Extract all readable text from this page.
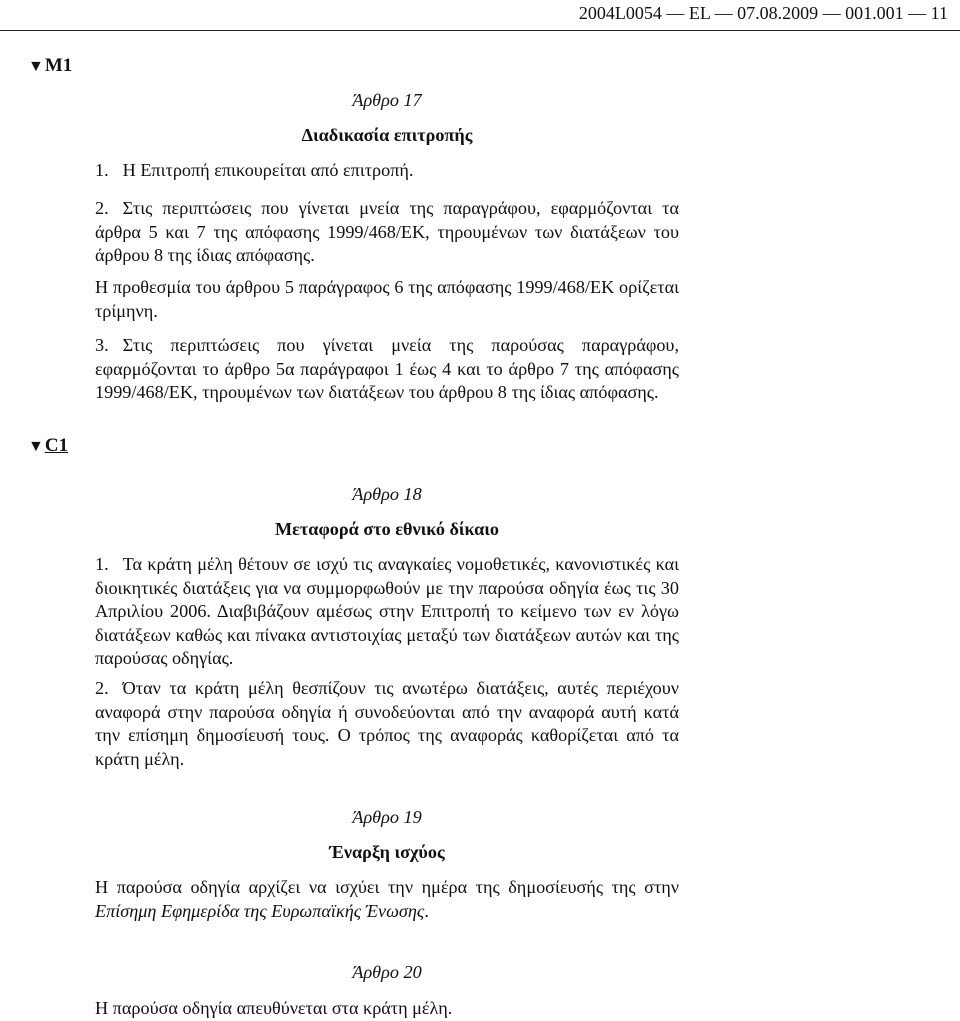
2004L0054 — EL — 07.08.2009 — 001.001 — 11
▼M1
▼C1
Άρθρο 17
Διαδικασία επιτροπής

1. Η Επιτροπή επικουρείται από επιτροπή.

2. Στις περιπτώσεις που γίνεται μνεία της παραγράφου, εφαρμόζονται τα άρθρα 5 και 7 της απόφασης 1999/468/ΕΚ, τηρουμένων των διατάξεων του άρθρου 8 της ίδιας απόφασης.

Η προθεσμία του άρθρου 5 παράγραφος 6 της απόφασης 1999/468/ΕΚ ορίζεται τρίμηνη.

3. Στις περιπτώσεις που γίνεται μνεία της παρούσας παραγράφου, εφαρμόζονται το άρθρο 5α παράγραφοι 1 έως 4 και το άρθρο 7 της απόφασης 1999/468/ΕΚ, τηρουμένων των διατάξεων του άρθρου 8 της ίδιας απόφασης.

Άρθρο 18
Μεταφορά στο εθνικό δίκαιο

1. Τα κράτη μέλη θέτουν σε ισχύ τις αναγκαίες νομοθετικές, κανονιστικές και διοικητικές διατάξεις για να συμμορφωθούν με την παρούσα οδηγία έως τις 30 Απριλίου 2006. Διαβιβάζουν αμέσως στην Επιτροπή το κείμενο των εν λόγω διατάξεων καθώς και πίνακα αντιστοιχίας μεταξύ των διατάξεων αυτών και της παρούσας οδηγίας.

2. Όταν τα κράτη μέλη θεσπίζουν τις ανωτέρω διατάξεις, αυτές περιέχουν αναφορά στην παρούσα οδηγία ή συνοδεύονται από την αναφορά αυτή κατά την επίσημη δημοσίευσή τους. Ο τρόπος της αναφοράς καθορίζεται από τα κράτη μέλη.

Άρθρο 19
Έναρξη ισχύος

Η παρούσα οδηγία αρχίζει να ισχύει την ημέρα της δημοσίευσής της στην Επίσημη Εφημερίδα της Ευρωπαϊκής Ένωσης.

Άρθρο 20

Η παρούσα οδηγία απευθύνεται στα κράτη μέλη.
